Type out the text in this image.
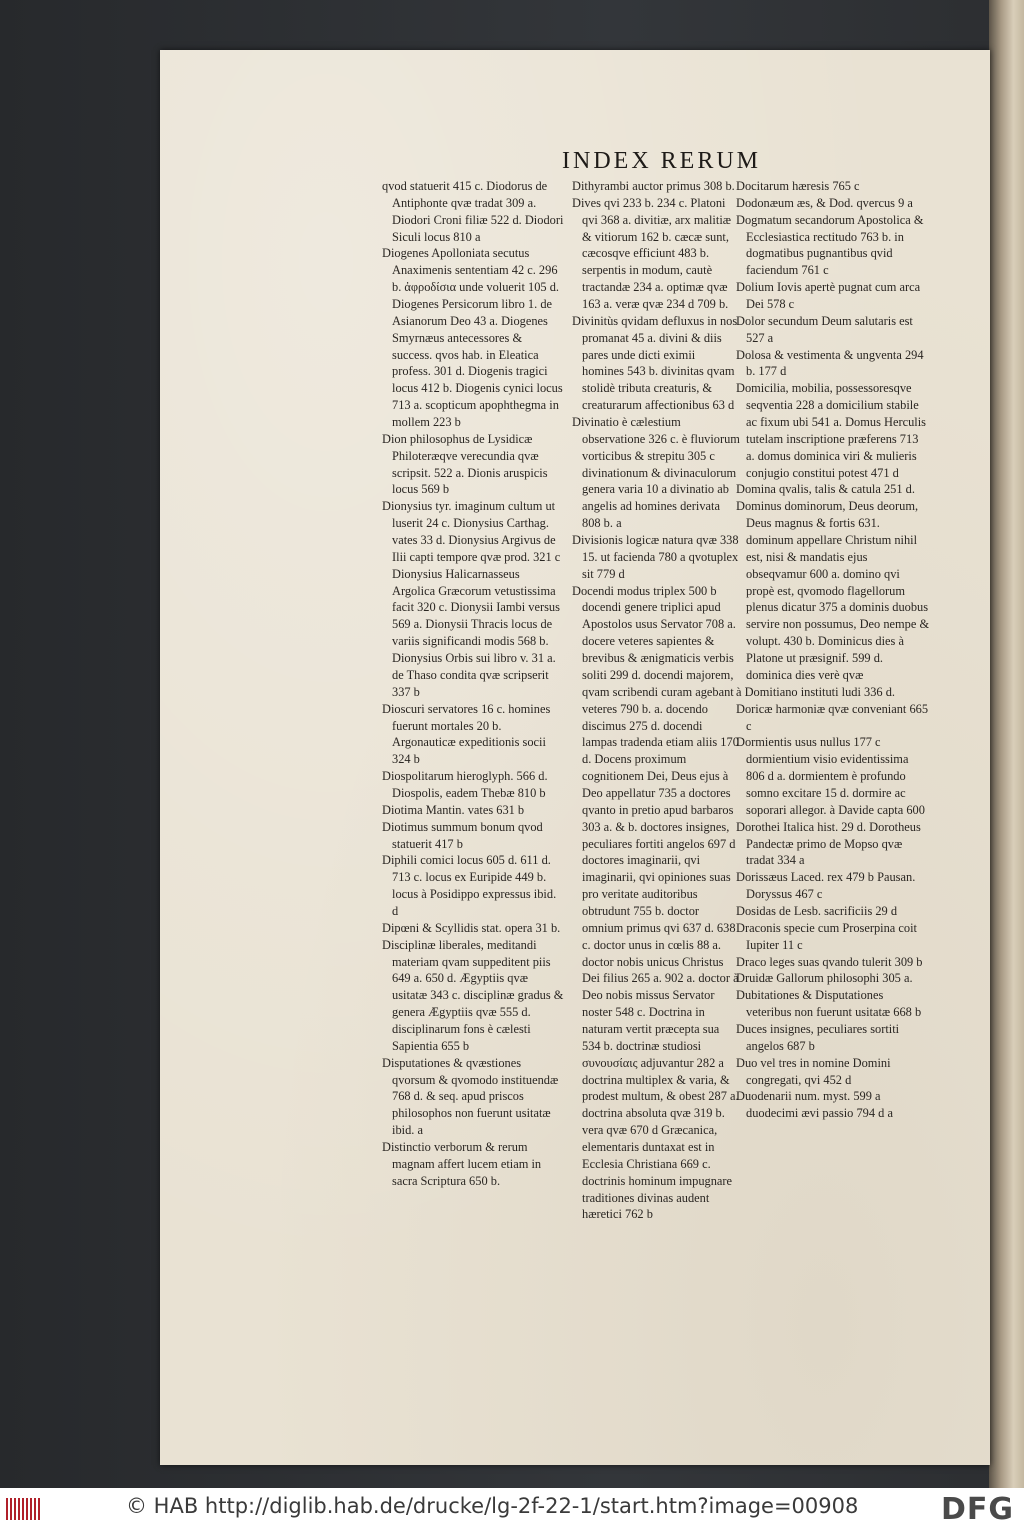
INDEX RERUM

qvod statuerit 415 c. Diodorus de Antiphonte qvæ tradat 309 a. Diodori Croni filiæ 522 d. Diodori Siculi locus 810 a

Diogenes Apolloniata secutus Anaximenis sententiam 42 c. 296 b. ἀφροδίσια unde voluerit 105 d. Diogenes Persicorum libro 1. de Asianorum Deo 43 a. Diogenes Smyrnæus antecessores & success. qvos hab. in Eleatica profess. 301 d. Diogenis tragici locus 412 b. Diogenis cynici locus 713 a. scopticum apophthegma in mollem 223 b

Dion philosophus de Lysidicæ Philoteræqve verecundia qvæ scripsit. 522 a. Dionis aruspicis locus 569 b

Dionysius tyr. imaginum cultum ut luserit 24 c. Dionysius Carthag. vates 33 d. Dionysius Argivus de Ilii capti tempore qvæ prod. 321 c Dionysius Halicarnasseus Argolica Græcorum vetustissima facit 320 c. Dionysii Iambi versus 569 a. Dionysii Thracis locus de variis significandi modis 568 b. Dionysius Orbis sui libro v. 31 a. de Thaso condita qvæ scripserit 337 b

Dioscuri servatores 16 c. homines fuerunt mortales 20 b. Argonauticæ expeditionis socii 324 b

Diospolitarum hieroglyph. 566 d. Diospolis, eadem Thebæ 810 b

Diotima Mantin. vates 631 b

Diotimus summum bonum qvod statuerit 417 b

Diphili comici locus 605 d. 611 d. 713 c. locus ex Euripide 449 b. locus à Posidippo expressus ibid. d

Dipœni & Scyllidis stat. opera 31 b.

Disciplinæ liberales, meditandi materiam qvam suppeditent piis 649 a. 650 d. Ægyptiis qvæ usitatæ 343 c. disciplinæ gradus & genera Ægyptiis qvæ 555 d. disciplinarum fons è cælesti Sapientia 655 b

Disputationes & qvæstiones qvorsum & qvomodo instituendæ 768 d. & seq. apud priscos philosophos non fuerunt usitatæ ibid. a

Distinctio verborum & rerum magnam affert lucem etiam in sacra Scriptura 650 b.

Dithyrambi auctor primus 308 b.

Dives qvi 233 b. 234 c. Platoni qvi 368 a. divitiæ, arx malitiæ & vitiorum 162 b. cæcæ sunt, cæcosqve efficiunt 483 b. serpentis in modum, cautè tractandæ 234 a. optimæ qvæ 163 a. veræ qvæ 234 d 709 b.

Divinitùs qvidam defluxus in nos promanat 45 a. divini & diis pares unde dicti eximii homines 543 b. divinitas qvam stolidè tributa creaturis, & creaturarum affectionibus 63 d

Divinatio è cælestium observatione 326 c. è fluviorum vorticibus & strepitu 305 c divinationum & divinaculorum genera varia 10 a divinatio ab angelis ad homines derivata 808 b. a

Divisionis logicæ natura qvæ 338 15. ut facienda 780 a qvotuplex sit 779 d

Docendi modus triplex 500 b docendi genere triplici apud Apostolos usus Servator 708 a. docere veteres sapientes & brevibus & ænigmaticis verbis soliti 299 d. docendi majorem, qvam scribendi curam agebant veteres 790 b. a. docendo discimus 275 d. docendi lampas tradenda etiam aliis 170 d. Docens proximum cognitionem Dei, Deus ejus à Deo appellatur 735 a doctores qvanto in pretio apud barbaros 303 a. & b. doctores insignes, peculiares fortiti angelos 697 d doctores imaginarii, qvi imaginarii, qvi opiniones suas pro veritate auditoribus obtrudunt 755 b. doctor omnium primus qvi 637 d. 638 c. doctor unus in cœlis 88 a. doctor nobis unicus Christus Dei filius 265 a. 902 a. doctor à Deo nobis missus Servator noster 548 c. Doctrina in naturam vertit præcepta sua 534 b. doctrinæ studiosi συνουσίαις adjuvantur 282 a doctrina multiplex & varia, & prodest multum, & obest 287 a. doctrina absoluta qvæ 319 b. vera qvæ 670 d Græcanica, elementaris duntaxat est in Ecclesia Christiana 669 c. doctrinis hominum impugnare traditiones divinas audent hæretici 762 b

Docitarum hæresis 765 c

Dodonæum æs, & Dod. qvercus 9 a

Dogmatum secandorum Apostolica & Ecclesiastica rectitudo 763 b. in dogmatibus pugnantibus qvid faciendum 761 c

Dolium Iovis apertè pugnat cum arca Dei 578 c

Dolor secundum Deum salutaris est 527 a

Dolosa & vestimenta & ungventa 294 b. 177 d

Domicilia, mobilia, possessoresqve seqventia 228 a domicilium stabile ac fixum ubi 541 a. Domus Herculis tutelam inscriptione præferens 713 a. domus dominica viri & mulieris conjugio constitui potest 471 d

Domina qvalis, talis & catula 251 d.

Dominus dominorum, Deus deorum, Deus magnus & fortis 631. dominum appellare Christum nihil est, nisi & mandatis ejus obseqvamur 600 a. domino qvi propè est, qvomodo flagellorum plenus dicatur 375 a dominis duobus servire non possumus, Deo nempe & volupt. 430 b. Dominicus dies à Platone ut præsignif. 599 d. dominica dies verè qvæ

à Domitiano instituti ludi 336 d.

Doricæ harmoniæ qvæ conveniant 665 c

Dormientis usus nullus 177 c dormientium visio evidentissima 806 d a. dormientem è profundo somno excitare 15 d. dormire ac soporari allegor. à Davide capta 600

Dorothei Italica hist. 29 d. Dorotheus Pandectæ primo de Mopso qvæ tradat 334 a

Dorissæus Laced. rex 479 b Pausan. Doryssus 467 c

Dosidas de Lesb. sacrificiis 29 d

Draconis specie cum Proserpina coit Iupiter 11 c

Draco leges suas qvando tulerit 309 b

Druidæ Gallorum philosophi 305 a.

Dubitationes & Disputationes veteribus non fuerunt usitatæ 668 b

Duces insignes, peculiares sortiti angelos 687 b

Duo vel tres in nomine Domini congregati, qvi 452 d

Duodenarii num. myst. 599 a duodecimi ævi passio 794 d a

© HAB http://diglib.hab.de/drucke/lg-2f-22-1/start.htm?image=00908	DFG
